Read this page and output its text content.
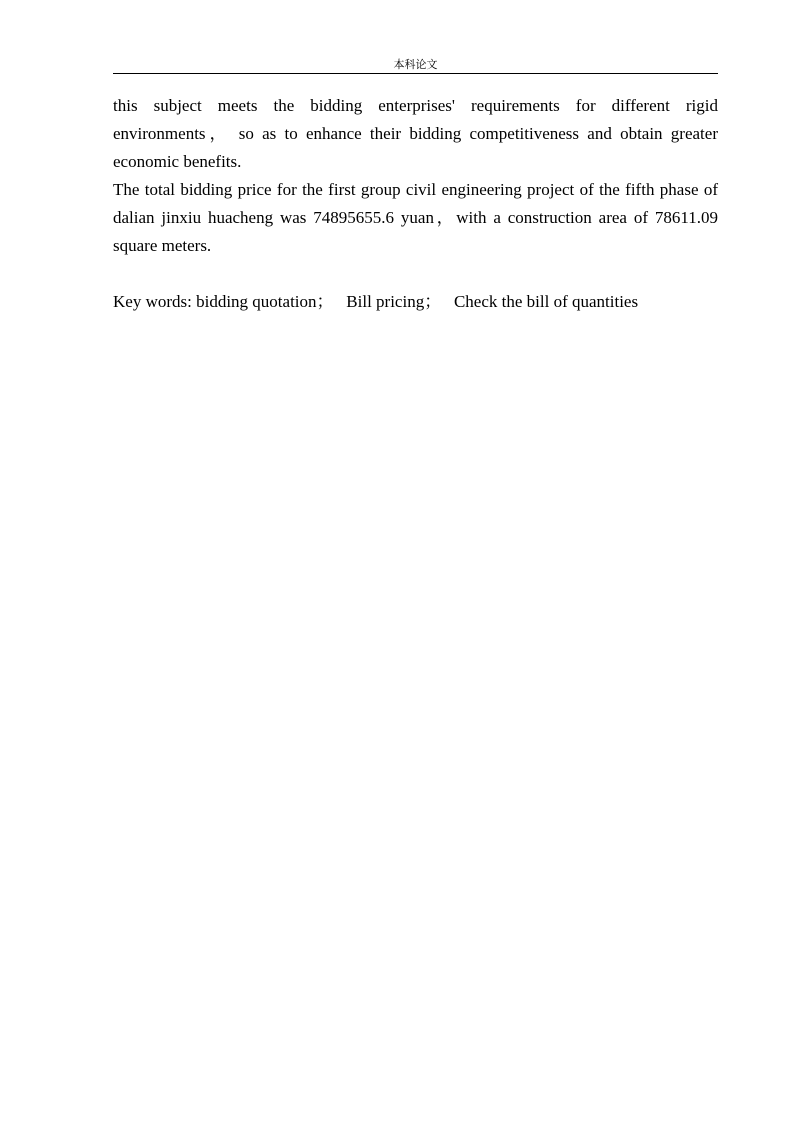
本科论文

this subject meets the bidding enterprises' requirements for different rigid environments， so as to enhance their bidding competitiveness and obtain greater economic benefits.

The total bidding price for the first group civil engineering project of the fifth phase of dalian jinxiu huacheng was 74895655.6 yuan，with a construction area of 78611.09 square meters.

Key words: bidding quotation； Bill pricing； Check the bill of quantities
